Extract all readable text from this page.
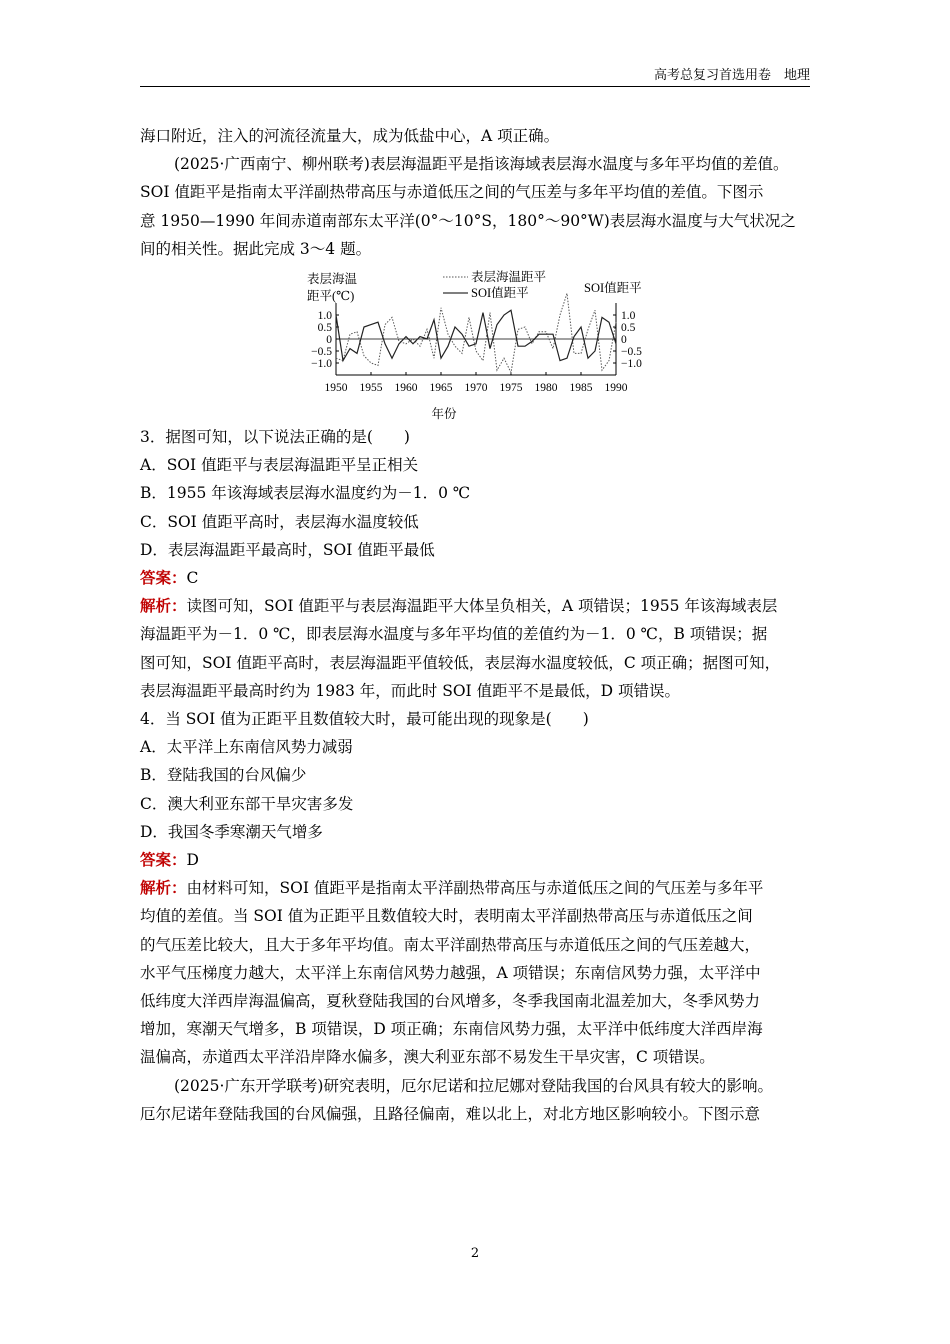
高考总复习首选用卷　地理

海口附近，注入的河流径流量大，成为低盐中心，A 项正确。

(2025·广西南宁、柳州联考)表层海温距平是指该海域表层海水温度与多年平均值的差值。

SOI 值距平是指南太平洋副热带高压与赤道低压之间的气压差与多年平均值的差值。下图示

意 1950—1990 年间赤道南部东太平洋(0°～10°S，180°～90°W)表层海水温度与大气状况之

间的相关性。据此完成 3～4 题。

表层海温
距平(℃)
表层海温距平
SOI值距平	SOI值距平
1.0	1.0
0.5	0.5
0	0
−0.5	−0.5
−1.0	−1.0
1950 1955 1960 1965 1970 1975 1980 1985 1990
年份

3．据图可知，以下说法正确的是(　　)

A．SOI 值距平与表层海温距平呈正相关

B．1955 年该海域表层海水温度约为－1．0 ℃

C．SOI 值距平高时，表层海水温度较低

D．表层海温距平最高时，SOI 值距平最低

答案：C

解析：读图可知，SOI 值距平与表层海温距平大体呈负相关，A 项错误；1955 年该海域表层

海温距平为－1．0 ℃，即表层海水温度与多年平均值的差值约为－1．0 ℃，B 项错误；据

图可知，SOI 值距平高时，表层海温距平值较低，表层海水温度较低，C 项正确；据图可知，

表层海温距平最高时约为 1983 年，而此时 SOI 值距平不是最低，D 项错误。

4．当 SOI 值为正距平且数值较大时，最可能出现的现象是(　　)

A．太平洋上东南信风势力减弱

B．登陆我国的台风偏少

C．澳大利亚东部干旱灾害多发

D．我国冬季寒潮天气增多

答案：D

解析：由材料可知，SOI 值距平是指南太平洋副热带高压与赤道低压之间的气压差与多年平

均值的差值。当 SOI 值为正距平且数值较大时，表明南太平洋副热带高压与赤道低压之间

的气压差比较大，且大于多年平均值。南太平洋副热带高压与赤道低压之间的气压差越大，

水平气压梯度力越大，太平洋上东南信风势力越强，A 项错误；东南信风势力强，太平洋中

低纬度大洋西岸海温偏高，夏秋登陆我国的台风增多，冬季我国南北温差加大，冬季风势力

增加，寒潮天气增多，B 项错误，D 项正确；东南信风势力强，太平洋中低纬度大洋西岸海

温偏高，赤道西太平洋沿岸降水偏多，澳大利亚东部不易发生干旱灾害，C 项错误。

(2025·广东开学联考)研究表明，厄尔尼诺和拉尼娜对登陆我国的台风具有较大的影响。

厄尔尼诺年登陆我国的台风偏强，且路径偏南，难以北上，对北方地区影响较小。下图示意

2
